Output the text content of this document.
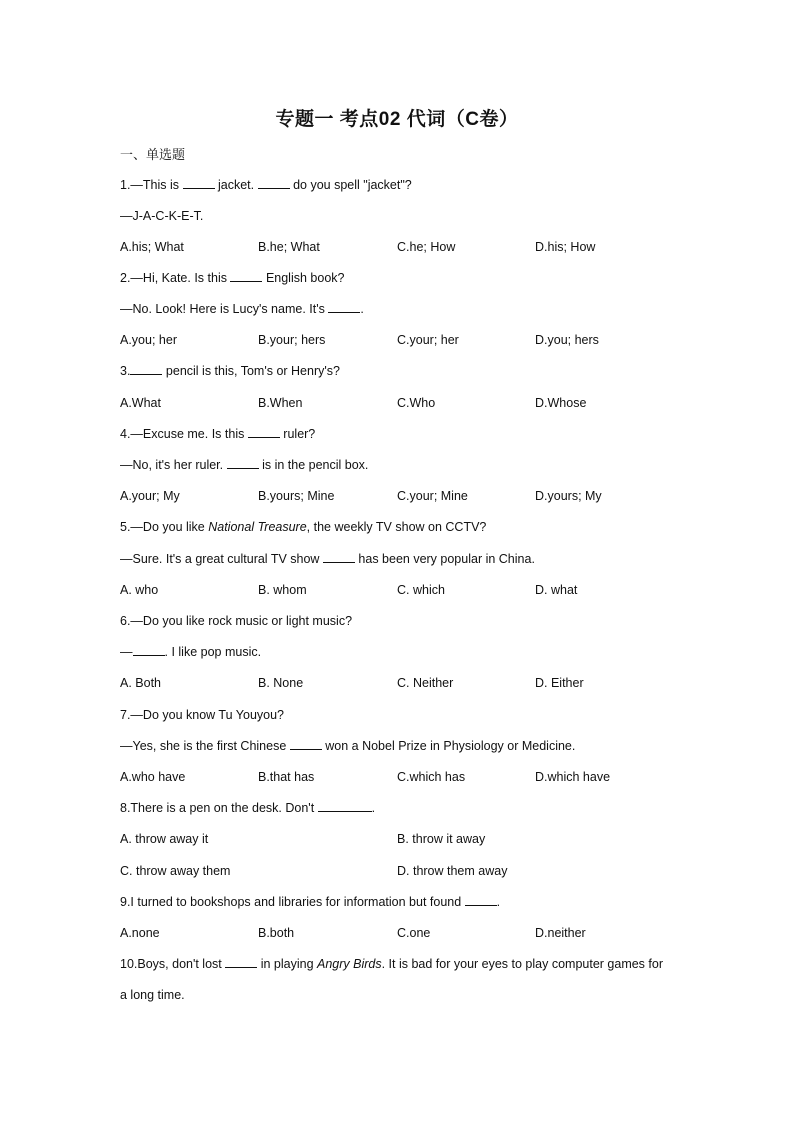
专题一 考点02 代词（C卷）
一、单选题
1.—This is	jacket.	do you spell "jacket"?
—J-A-C-K-E-T.
A.his; What	B.he; What	C.he; How	D.his; How
2.—Hi, Kate. Is this	English book?
—No. Look! Here is Lucy's name. It's	.
A.you; her	B.your; hers	C.your; her	D.you; hers
3.	pencil is this, Tom's or Henry's?
A.What	B.When	C.Who	D.Whose
4.—Excuse me. Is this	ruler?
—No, it's her ruler.	is in the pencil box.
A.your; My	B.yours; Mine	C.your; Mine	D.yours; My
5.—Do you like National Treasure, the weekly TV show on CCTV?
—Sure. It's a great cultural TV show	has been very popular in China.
A. who	B. whom	C. which	D. what
6.—Do you like rock music or light music?
—	. I like pop music.
A. Both	B. None	C. Neither	D. Either
7.—Do you know Tu Youyou?
—Yes, she is the first Chinese	won a Nobel Prize in Physiology or Medicine.
A.who have	B.that has	C.which has	D.which have
8.There is a pen on the desk. Don't	.
A. throw away it	B. throw it away
C. throw away them	D. throw them away
9.I turned to bookshops and libraries for information but found	.
A.none	B.both	C.one	D.neither
10.Boys, don't lost	in playing Angry Birds. It is bad for your eyes to play computer games for
a long time.
